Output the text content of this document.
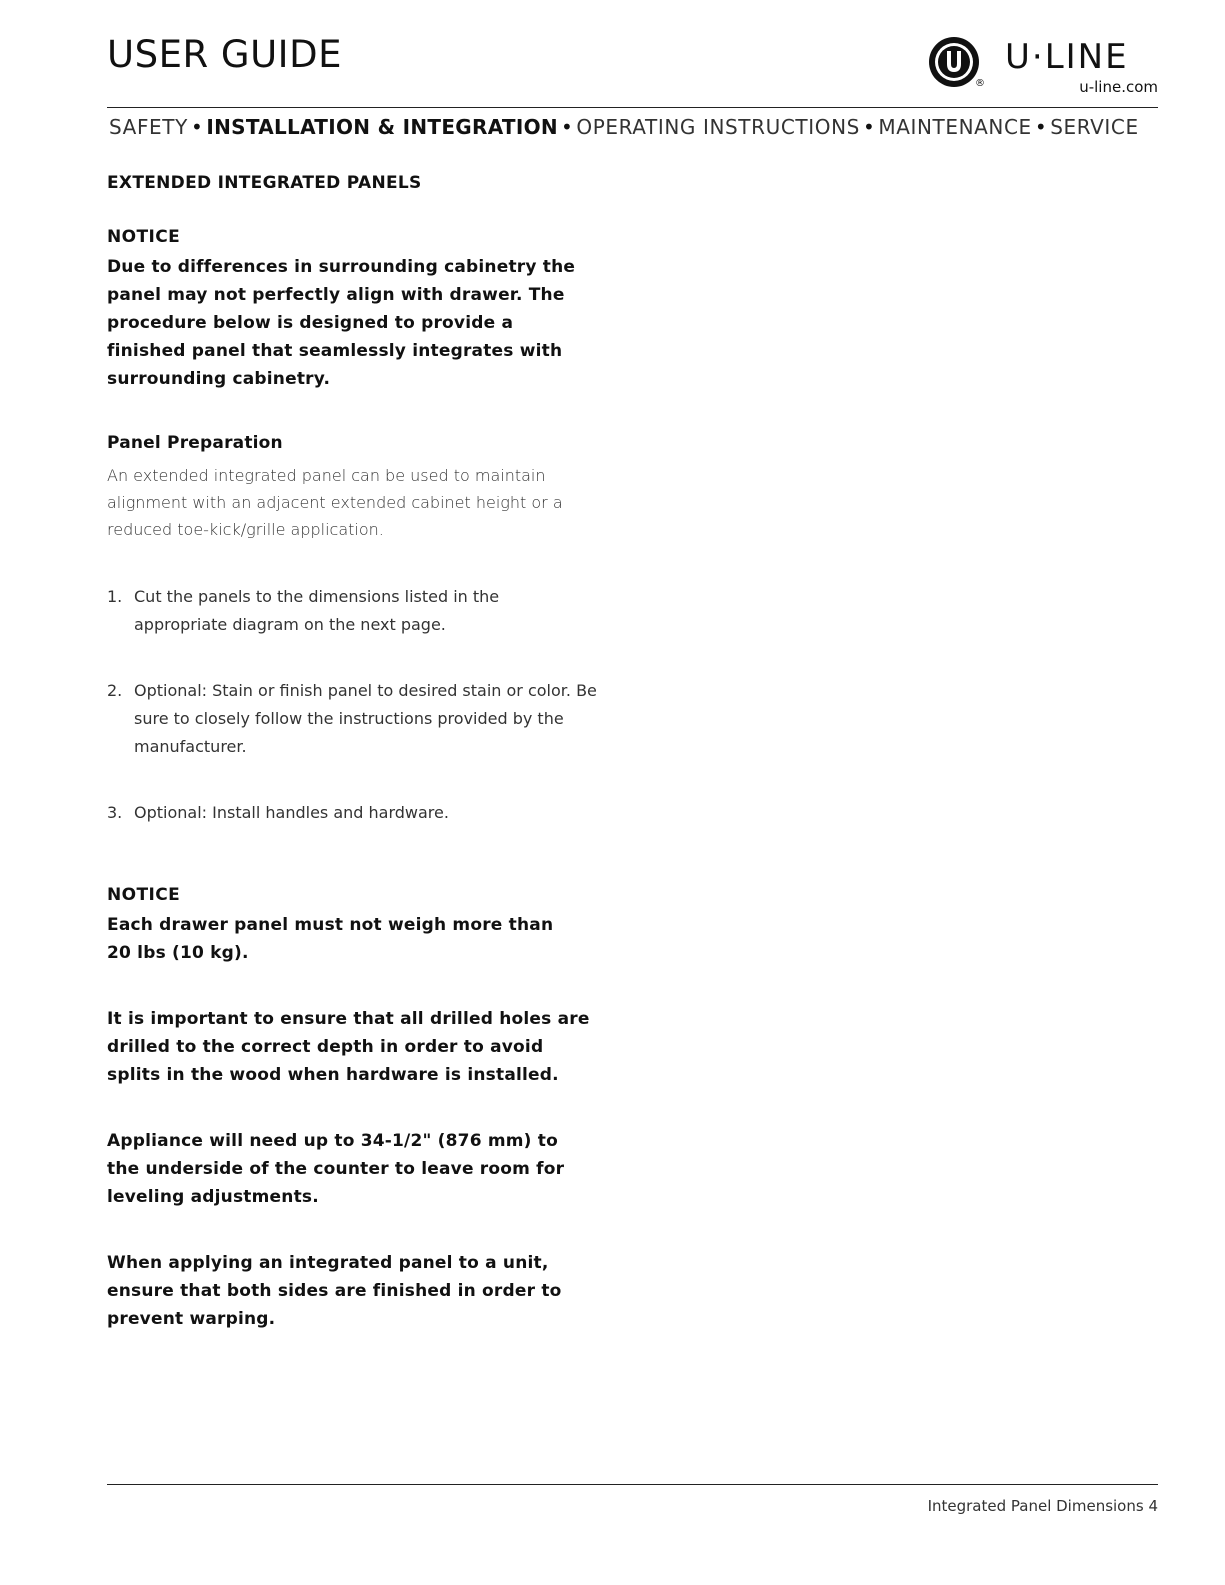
USER GUIDE
®
U·LINE
u-line.com
SAFETY • INSTALLATION & INTEGRATION • OPERATING INSTRUCTIONS • MAINTENANCE • SERVICE
EXTENDED INTEGRATED PANELS
NOTICE

Due to differences in surrounding cabinetry the panel may not perfectly align with drawer. The procedure below is designed to provide a finished panel that seamlessly integrates with surrounding cabinetry.

Panel Preparation

An extended integrated panel can be used to maintain alignment with an adjacent extended cabinet height or a reduced toe-kick/grille application.

1. Cut the panels to the dimensions listed in the appropriate diagram on the next page.
2. Optional: Stain or finish panel to desired stain or color. Be sure to closely follow the instructions provided by the manufacturer.
3. Optional: Install handles and hardware.
NOTICE

Each drawer panel must not weigh more than 20 lbs (10 kg).

It is important to ensure that all drilled holes are drilled to the correct depth in order to avoid splits in the wood when hardware is installed.

Appliance will need up to 34-1/2" (876 mm) to the underside of the counter to leave room for leveling adjustments.

When applying an integrated panel to a unit, ensure that both sides are finished in order to prevent warping.

Integrated Panel Dimensions 4
